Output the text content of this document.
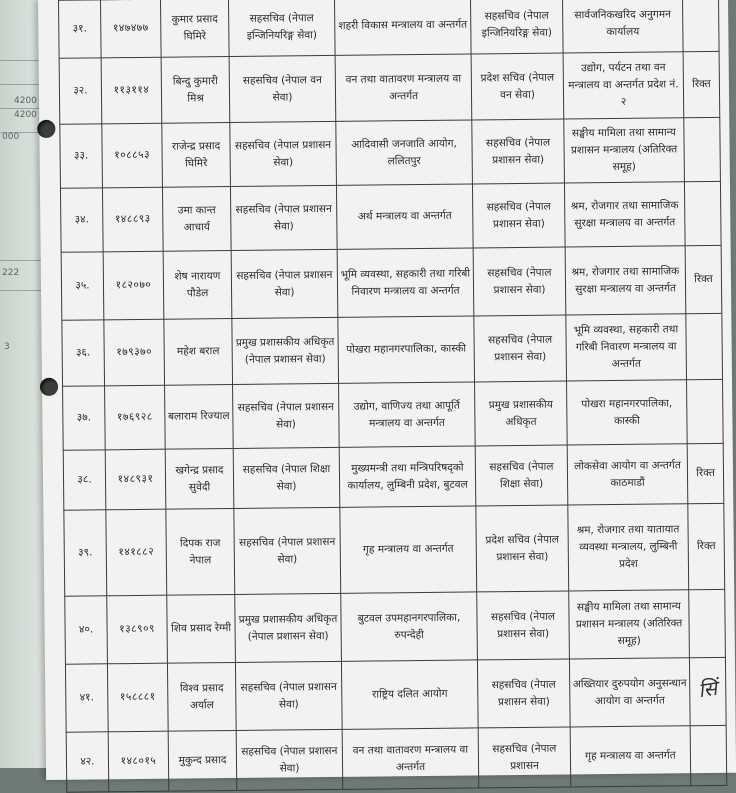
4200
4200
000
222
3
३१.	१४७४७७	कुमार प्रसाद घिमिरे	सहसचिव (नेपाल इन्जिनियरिङ्ग सेवा)	शहरी विकास मन्त्रालय वा अन्तर्गत	सहसचिव (नेपाल इन्जिनियरिङ्ग सेवा)	सार्वजनिकखरिद अनुगमन कार्यालय	
३२.	११३११४	बिन्दु कुमारी मिश्र	सहसचिव (नेपाल वन सेवा)	वन तथा वातावरण मन्त्रालय वा अन्तर्गत	प्रदेश सचिव (नेपाल वन सेवा)	उद्योग, पर्यटन तथा वन मन्त्रालय वा अन्तर्गत प्रदेश नं. २	रिक्त
३३.	१०८८५३	राजेन्द्र प्रसाद घिमिरे	सहसचिव (नेपाल प्रशासन सेवा)	आदिवासी जनजाति आयोग, ललितपुर	सहसचिव (नेपाल प्रशासन सेवा)	सङ्घीय मामिला तथा सामान्य प्रशासन मन्त्रालय (अतिरिक्त समूह)	
३४.	१४८८९३	उमा कान्त आचार्य	सहसचिव (नेपाल प्रशासन सेवा)	अर्थ मन्त्रालय वा अन्तर्गत	सहसचिव (नेपाल प्रशासन सेवा)	श्रम, रोजगार तथा सामाजिक सुरक्षा मन्त्रालय वा अन्तर्गत	
३५.	१८२०७०	शेष नारायण पौडेल	सहसचिव (नेपाल प्रशासन सेवा)	भूमि व्यवस्था, सहकारी तथा गरिबी निवारण मन्त्रालय वा अन्तर्गत	सहसचिव (नेपाल प्रशासन सेवा)	श्रम, रोजगार तथा सामाजिक सुरक्षा मन्त्रालय वा अन्तर्गत	रिक्त
३६.	१७९३७०	महेश बराल	प्रमुख प्रशासकीय अधिकृत (नेपाल प्रशासन सेवा)	पोखरा महानगरपालिका, कास्की	सहसचिव (नेपाल प्रशासन सेवा)	भूमि व्यवस्था, सहकारी तथा गरिबी निवारण मन्त्रालय वा अन्तर्गत	
३७.	१७६९२८	बलाराम रिज्याल	सहसचिव (नेपाल प्रशासन सेवा)	उद्योग, वाणिज्य तथा आपूर्ति मन्त्रालय वा अन्तर्गत	प्रमुख प्रशासकीय अधिकृत	पोखरा महानगरपालिका, कास्की	
३८.	१४८९३१	खगेन्द्र प्रसाद सुवेदी	सहसचिव (नेपाल शिक्षा सेवा)	मुख्यमन्त्री तथा मन्त्रिपरिषद्को कार्यालय, लुम्बिनी प्रदेश, बुटवल	सहसचिव (नेपाल शिक्षा सेवा)	लोकसेवा आयोग वा अन्तर्गत काठमाडौं	रिक्त
३९.	१४१८८२	दिपक राज नेपाल	सहसचिव (नेपाल प्रशासन सेवा)	गृह मन्त्रालय वा अन्तर्गत	प्रदेश सचिव (नेपाल प्रशासन सेवा)	श्रम, रोजगार तथा यातायात व्यवस्था मन्त्रालय, लुम्बिनी प्रदेश	रिक्त
४०.	१३८९०९	शिव प्रसाद रेग्मी	प्रमुख प्रशासकीय अधिकृत (नेपाल प्रशासन सेवा)	बुटवल उपमहानगरपालिका, रुपन्देही	सहसचिव (नेपाल प्रशासन सेवा)	सङ्घीय मामिला तथा सामान्य प्रशासन मन्त्रालय (अतिरिक्त समूह)	
४१.	१५८८८१	विश्व प्रसाद अर्याल	सहसचिव (नेपाल प्रशासन सेवा)	राष्ट्रिय दलित आयोग	सहसचिव (नेपाल प्रशासन सेवा)	अख्तियार दुरुपयोग अनुसन्धान आयोग वा अन्तर्गत	सिं
४२.	१४८०१५	मुकुन्द प्रसाद	सहसचिव (नेपाल प्रशासन सेवा)	वन तथा वातावरण मन्त्रालय वा अन्तर्गत	सहसचिव (नेपाल प्रशासन	गृह मन्त्रालय वा अन्तर्गत	
